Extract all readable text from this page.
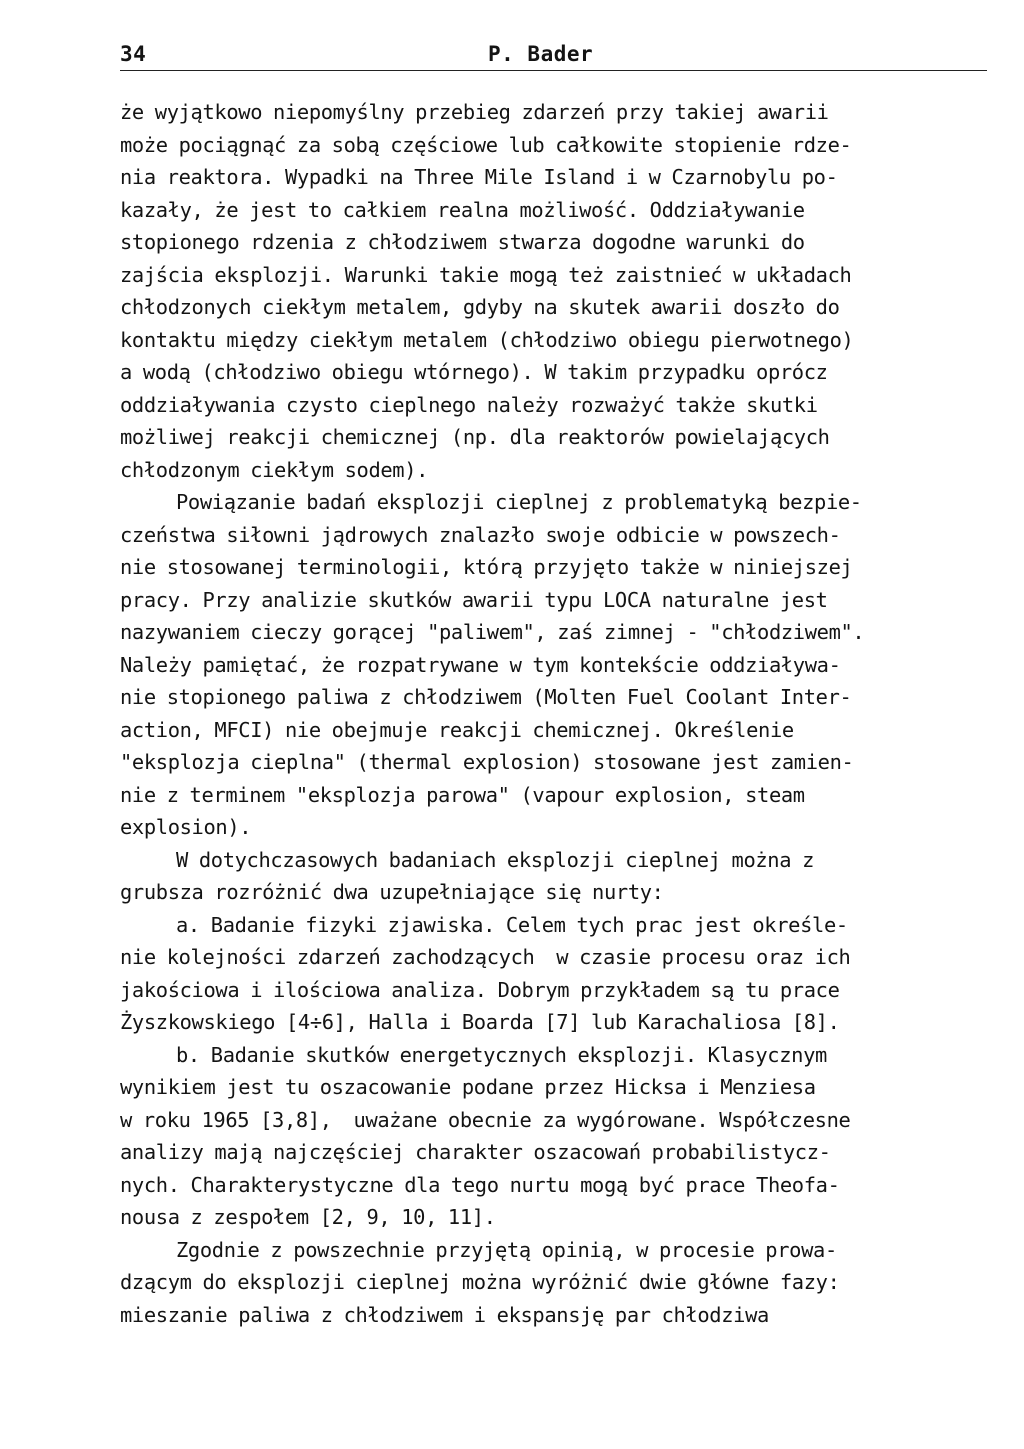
34	P. Bader
że wyjątkowo niepomyślny przebieg zdarzeń przy takiej awarii
może pociągnąć za sobą częściowe lub całkowite stopienie rdze-
nia reaktora. Wypadki na Three Mile Island i w Czarnobylu po-
kazały, że jest to całkiem realna możliwość. Oddziaływanie
stopionego rdzenia z chłodziwem stwarza dogodne warunki do
zajścia eksplozji. Warunki takie mogą też zaistnieć w układach
chłodzonych ciekłym metalem, gdyby na skutek awarii doszło do
kontaktu między ciekłym metalem (chłodziwo obiegu pierwotnego)
a wodą (chłodziwo obiegu wtórnego). W takim przypadku oprócz
oddziaływania czysto cieplnego należy rozważyć także skutki
możliwej reakcji chemicznej (np. dla reaktorów powielających
chłodzonym ciekłym sodem).
Powiązanie badań eksplozji cieplnej z problematyką bezpie-
czeństwa siłowni jądrowych znalazło swoje odbicie w powszech-
nie stosowanej terminologii, którą przyjęto także w niniejszej
pracy. Przy analizie skutków awarii typu LOCA naturalne jest
nazywaniem cieczy gorącej "paliwem", zaś zimnej - "chłodziwem".
Należy pamiętać, że rozpatrywane w tym kontekście oddziaływa-
nie stopionego paliwa z chłodziwem (Molten Fuel Coolant Inter-
action, MFCI) nie obejmuje reakcji chemicznej. Określenie
"eksplozja cieplna" (thermal explosion) stosowane jest zamien-
nie z terminem "eksplozja parowa" (vapour explosion, steam
explosion).
W dotychczasowych badaniach eksplozji cieplnej można z
grubsza rozróżnić dwa uzupełniające się nurty:
a. Badanie fizyki zjawiska. Celem tych prac jest określe-
nie kolejności zdarzeń zachodzących  w czasie procesu oraz ich
jakościowa i ilościowa analiza. Dobrym przykładem są tu prace
Żyszkowskiego [4÷6], Halla i Boarda [7] lub Karachaliosa [8].
b. Badanie skutków energetycznych eksplozji. Klasycznym
wynikiem jest tu oszacowanie podane przez Hicksa i Menziesa
w roku 1965 [3,8],  uważane obecnie za wygórowane. Współczesne
analizy mają najczęściej charakter oszacowań probabilistycz-
nych. Charakterystyczne dla tego nurtu mogą być prace Theofa-
nousa z zespołem [2, 9, 10, 11].
Zgodnie z powszechnie przyjętą opinią, w procesie prowa-
dzącym do eksplozji cieplnej można wyróżnić dwie główne fazy:
mieszanie paliwa z chłodziwem i ekspansję par chłodziwa
